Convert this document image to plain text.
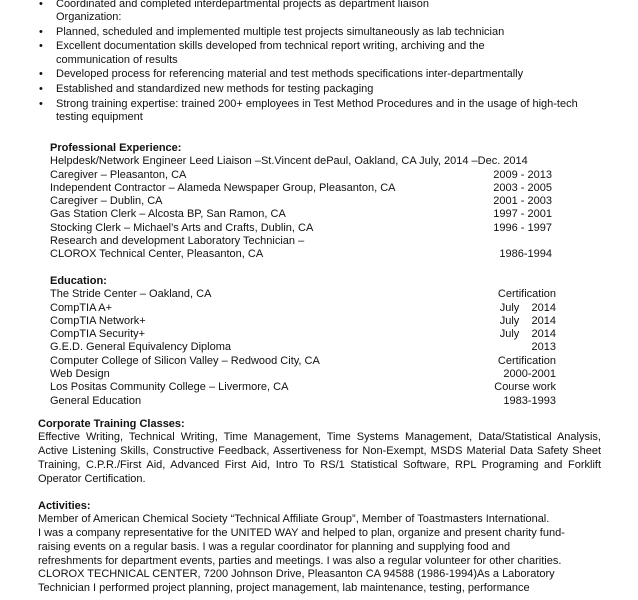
•	Coordinated and completed interdepartmental projects as department liaison
Organization:
•	Planned, scheduled and implemented multiple test projects simultaneously as lab technician
•	Excellent documentation skills developed from technical report writing, archiving and the
communication of results
•	Developed process for referencing material and test methods specifications inter-departmentally
•	Established and standardized new methods for testing packaging
•	Strong training expertise: trained 200+ employees in Test Method Procedures and in the usage of high-tech
testing equipment
Professional Experience:
Helpdesk/Network Engineer Leed Liaison –St.Vincent dePaul, Oakland, CA July, 2014 –Dec. 2014
Caregiver – Pleasanton, CA	2009 - 2013
Independent Contractor – Alameda Newspaper Group, Pleasanton, CA	2003 - 2005
Caregiver – Dublin, CA	2001 - 2003
Gas Station Clerk – Alcosta BP, San Ramon, CA	1997 - 2001
Stocking Clerk – Michael’s Arts and Crafts, Dublin, CA	1996 - 1997
Research and development Laboratory Technician –
CLOROX Technical Center, Pleasanton, CA	1986-1994
Education:
The Stride Center – Oakland, CA	Certification
CompTIA A+	July    2014
CompTIA Network+	July    2014
CompTIA Security+	July    2014
G.E.D. General Equivalency Diploma	2013
Computer College of Silicon Valley – Redwood City, CA	Certification
Web Design	2000-2001
Los Positas Community College – Livermore, CA	Course work
General Education	1983-1993
Corporate Training Classes:
Effective Writing, Technical Writing, Time Management, Time Systems Management, Data/Statistical Analysis, Active Listening Skills, Constructive Feedback, Assertiveness for Non-Exempt, MSDS Material Data Safety Sheet Training, C.P.R./First Aid, Advanced First Aid, Intro To RS/1 Statistical Software, RPL Programing and Forklift Operator Certification.
Activities:
Member of American Chemical Society “Technical Affiliate Group”, Member of Toastmasters International.
I was a company representative for the UNITED WAY and helped to plan, organize and present charity fund-
raising events on a regular basis. I was a regular coordinator for planning and supplying food and
refreshments for department events, parties and meetings. I was also a regular volunteer for other charities.
CLOROX TECHNICAL CENTER, 7200 Johnson Drive, Pleasanton CA 94588 (1986-1994)As a Laboratory
Technician I performed project planning, project management, lab maintenance, testing, performance
